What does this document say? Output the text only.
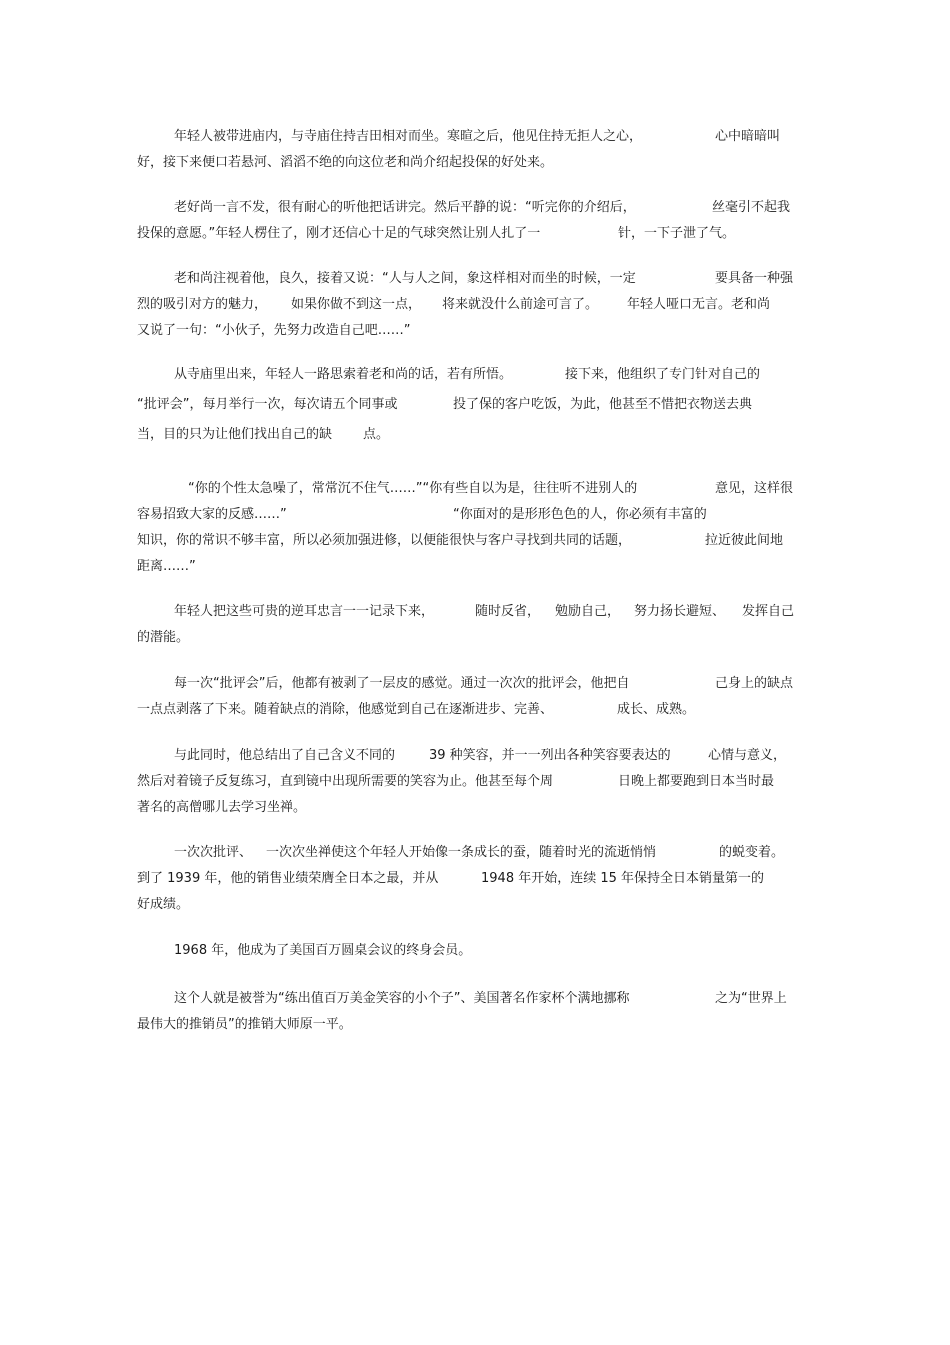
年轻人被带进庙内，与寺庙住持吉田相对而坐。寒暄之后，他见住持无拒人之心，

	心中暗暗叫

好，接下来便口若悬河、滔滔不绝的向这位老和尚介绍起投保的好处来。

老好尚一言不发，很有耐心的听他把话讲完。然后平静的说：“听完你的介绍后，

	丝毫引不起我

投保的意愿。”年轻人楞住了，刚才还信心十足的气球突然让别人扎了一

	针，一下子泄了气。

老和尚注视着他，良久，接着又说：“人与人之间，象这样相对而坐的时候，一定

	要具备一种强

烈的吸引对方的魅力，

如果你做不到这一点，

将来就没什么前途可言了。

年轻人哑口无言。老和尚

又说了一句：“小伙子，先努力改造自己吧……”

从寺庙里出来，年轻人一路思索着老和尚的话，若有所悟。

	接下来，他组织了专门针对自己的

“批评会”，每月举行一次，每次请五个同事或

	投了保的客户吃饭，为此，他甚至不惜把衣物送去典

当，目的只为让他们找出自己的缺

点。

“你的个性太急噪了，常常沉不住气……”“你有些自以为是，往往听不进别人的

	意见，这样很

容易招致大家的反感……”

	“你面对的是形形色色的人，你必须有丰富的

知识，你的常识不够丰富，所以必须加强进修，以便能很快与客户寻找到共同的话题，

	拉近彼此间地

距离……”

年轻人把这些可贵的逆耳忠言一一记录下来，

	随时反省，

勉励自己，

努力扬长避短、

发挥自己

的潜能。

每一次“批评会”后，他都有被剥了一层皮的感觉。通过一次次的批评会，他把自

	己身上的缺点

一点点剥落了下来。随着缺点的消除，他感觉到自己在逐渐进步、完善、

	成长、成熟。

与此同时，他总结出了自己含义不同的

	39 种笑容，并一一列出各种笑容要表达的

	心情与意义，

然后对着镜子反复练习，直到镜中出现所需要的笑容为止。他甚至每个周

	日晚上都要跑到日本当时最

著名的高僧哪儿去学习坐禅。

一次次批评、

一次次坐禅使这个年轻人开始像一条成长的蚕，随着时光的流逝悄悄

	的蜕变着。

到了 1939 年，他的销售业绩荣膺全日本之最，并从

	1948 年开始，连续 15 年保持全日本销量第一的

好成绩。

1968 年，他成为了美国百万圆桌会议的终身会员。

这个人就是被誉为“练出值百万美金笑容的小个子”、美国著名作家杯个满地挪称

	之为“世界上

最伟大的推销员”的推销大师原一平。
